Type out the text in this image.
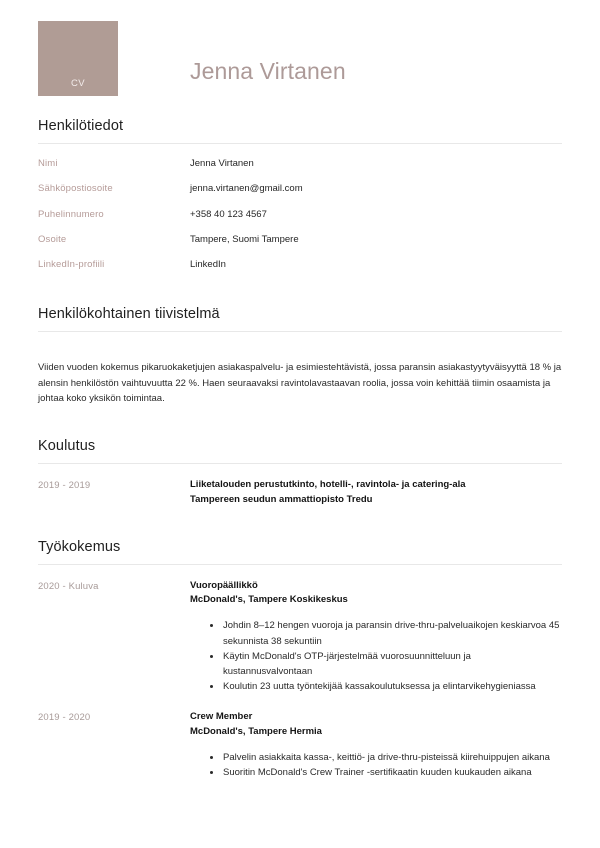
CV	Jenna Virtanen
Henkilötiedot
Nimi	Jenna Virtanen
Sähköpostiosoite	jenna.virtanen@gmail.com
Puhelinnumero	+358 40 123 4567
Osoite	Tampere, Suomi Tampere
LinkedIn-profiili	LinkedIn
Henkilökohtainen tiivistelmä

Viiden vuoden kokemus pikaruokaketjujen asiakaspalvelu- ja esimiestehtävistä, jossa paransin asiakastyytyväisyyttä 18 % ja alensin henkilöstön vaihtuvuutta 22 %. Haen seuraavaksi ravintolavastaavan roolia, jossa voin kehittää tiimin osaamista ja johtaa koko yksikön toimintaa.

Koulutus
2019 - 2019	Liiketalouden perustutkinto, hotelli-, ravintola- ja catering-ala
Tampereen seudun ammattiopisto Tredu
Työkokemus
2020 - Kuluva	Vuoropäällikkö
McDonald's, Tampere Koskikeskus
Johdin 8–12 hengen vuoroja ja paransin drive-thru-palveluaikojen keskiarvoa 45 sekunnista 38 sekuntiin
Käytin McDonald's OTP-järjestelmää vuorosuunnitteluun ja kustannusvalvontaan
Koulutin 23 uutta työntekijää kassakoulutuksessa ja elintarvikehygieniassa
2019 - 2020	Crew Member
McDonald's, Tampere Hermia
Palvelin asiakkaita kassa-, keittiö- ja drive-thru-pisteissä kiirehuippujen aikana
Suoritin McDonald's Crew Trainer -sertifikaatin kuuden kuukauden aikana
